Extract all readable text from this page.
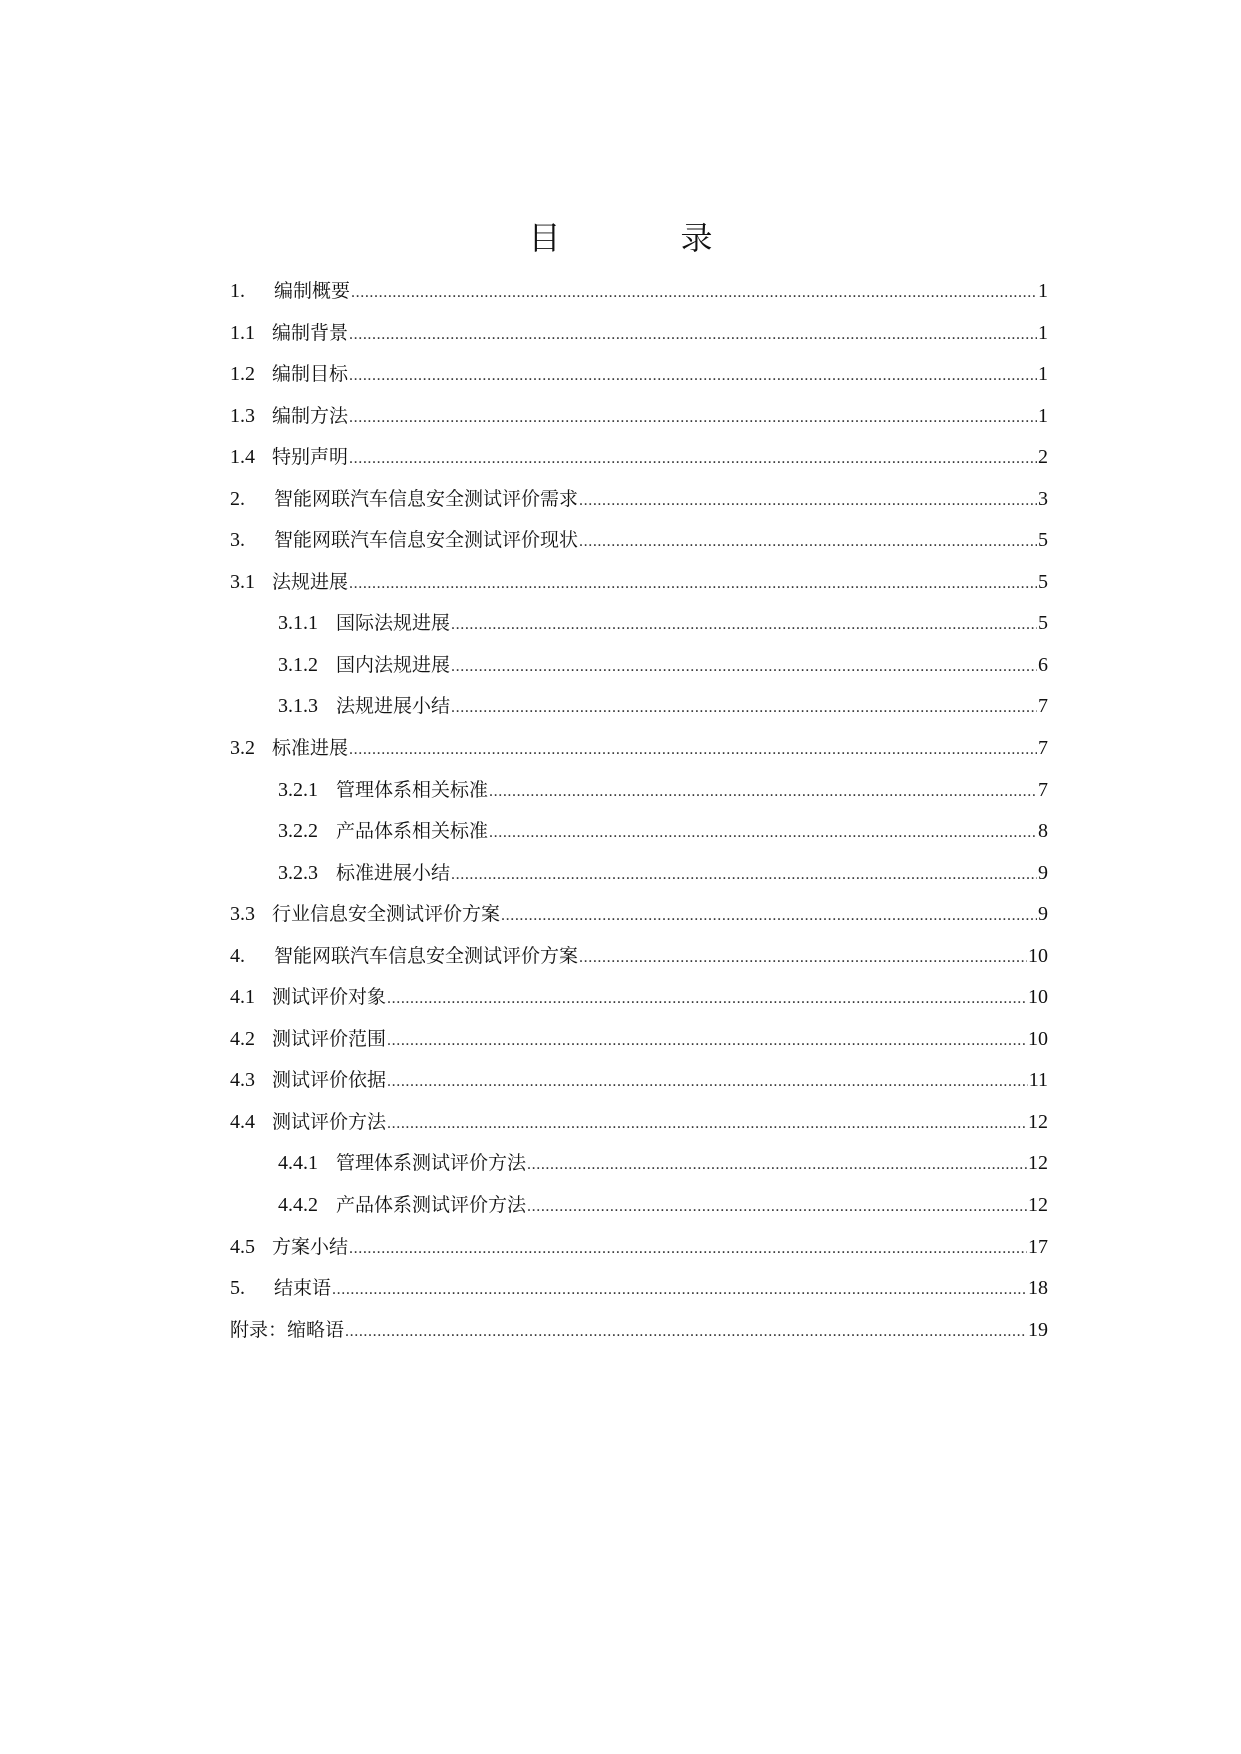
目　录
1.	编制概要 .....	1
1.1 编制背景 .....	1
1.2 编制目标 .....	1
1.3 编制方法 .....	1
1.4 特别声明 .....	2
2.	智能网联汽车信息安全测试评价需求 .....	3
3.	智能网联汽车信息安全测试评价现状 .....	5
3.1 法规进展 .....	5
3.1.1 国际法规进展 .....	5
3.1.2 国内法规进展 .....	6
3.1.3 法规进展小结 .....	7
3.2 标准进展 .....	7
3.2.1 管理体系相关标准 .....	7
3.2.2 产品体系相关标准 .....	8
3.2.3 标准进展小结 .....	9
3.3 行业信息安全测试评价方案 .....	9
4.	智能网联汽车信息安全测试评价方案 .....	10
4.1 测试评价对象 .....	10
4.2 测试评价范围 .....	10
4.3 测试评价依据 .....	11
4.4 测试评价方法 .....	12
4.4.1 管理体系测试评价方法 .....	12
4.4.2 产品体系测试评价方法 .....	12
4.5 方案小结 .....	17
5.	结束语 .....	18
附录：缩略语 .....	19
